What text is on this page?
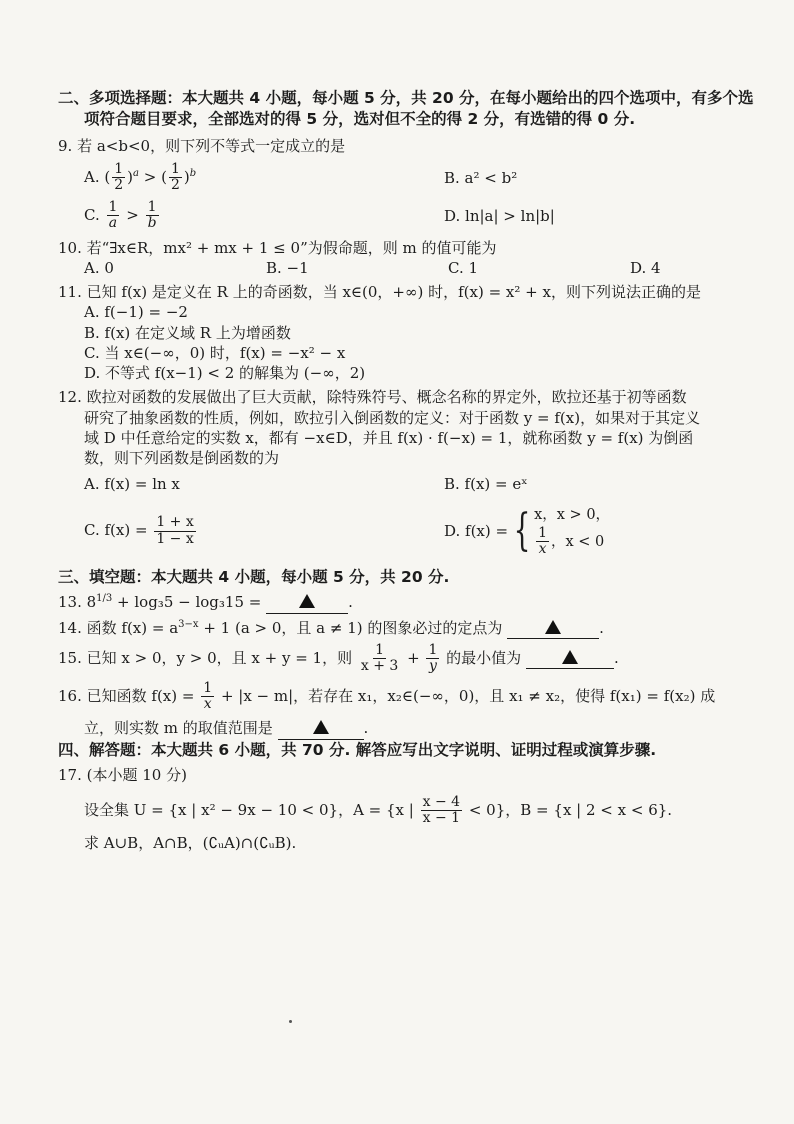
二、多项选择题：本大题共 4 小题，每小题 5 分，共 20 分，在每小题给出的四个选项中，有多个选
项符合题目要求，全部选对的得 5 分，选对但不全的得 2 分，有选错的得 0 分.
9. 若 a<b<0，则下列不等式一定成立的是
A. ( $\frac{1}{2} )^a$ > ( $\frac{1}{2} )^b$	B. a² < b²
C. $\frac{1}{a} > \frac{1}{b}$	D. ln|a| > ln|b|
10. 若“∃x∈R，mx² + mx + 1 ≤ 0”为假命题，则 m 的值可能为
A. 0	B. −1	C. 1	D. 4
11. 已知 f(x) 是定义在 R 上的奇函数，当 x∈(0，+∞) 时，f(x) = x² + x，则下列说法正确的是
A. f(−1) = −2
B. f(x) 在定义域 R 上为增函数
C. 当 x∈(−∞，0) 时，f(x) = −x² − x
D. 不等式 f(x−1) < 2 的解集为 (−∞，2)
12. 欧拉对函数的发展做出了巨大贡献，除特殊符号、概念名称的界定外，欧拉还基于初等函数
研究了抽象函数的性质，例如，欧拉引入倒函数的定义：对于函数 y = f(x)，如果对于其定义
域 D 中任意给定的实数 x，都有 −x∈D，并且 f(x) · f(−x) = 1，就称函数 y = f(x) 为倒函
数，则下列函数是倒函数的为
A. f(x) = ln x	B. f(x) = eˣ
C. $f(x) = \frac{1 + x}{1 - x}$	D. f(x) = { x，x > 0，
$\frac{1}{x}$ ，x < 0
三、填空题：本大题共 4 小题，每小题 5 分，共 20 分.
13. $8^{1/3} + \log_35 - \log_315$ =	.
14. 函数 $f(x) = a^{3-x} + 1$ (a > 0，且 a ≠ 1) 的图象必过的定点为	.
15. 已知 x > 0，y > 0，且 x + y = 1，则 $\frac{1}{x + 3} + \frac{1}{y}$ 的最小值为	.
16. 已知函数 $f(x) = \frac{1}{x} + |x - m|$，若存在 x₁，x₂∈(−∞，0)，且 x₁ ≠ x₂，使得 f(x₁) = f(x₂) 成
立，则实数 m 的取值范围是	.
四、解答题：本大题共 6 小题，共 70 分. 解答应写出文字说明、证明过程或演算步骤.
17. (本小题 10 分)
设全集 U = {x | x² − 9x − 10 < 0}，A = {x | $\frac{x - 4}{x - 1} < 0$}，B = {x | 2 < x < 6}.
求 A∪B，A∩B，(∁ᵤA)∩(∁ᵤB).
